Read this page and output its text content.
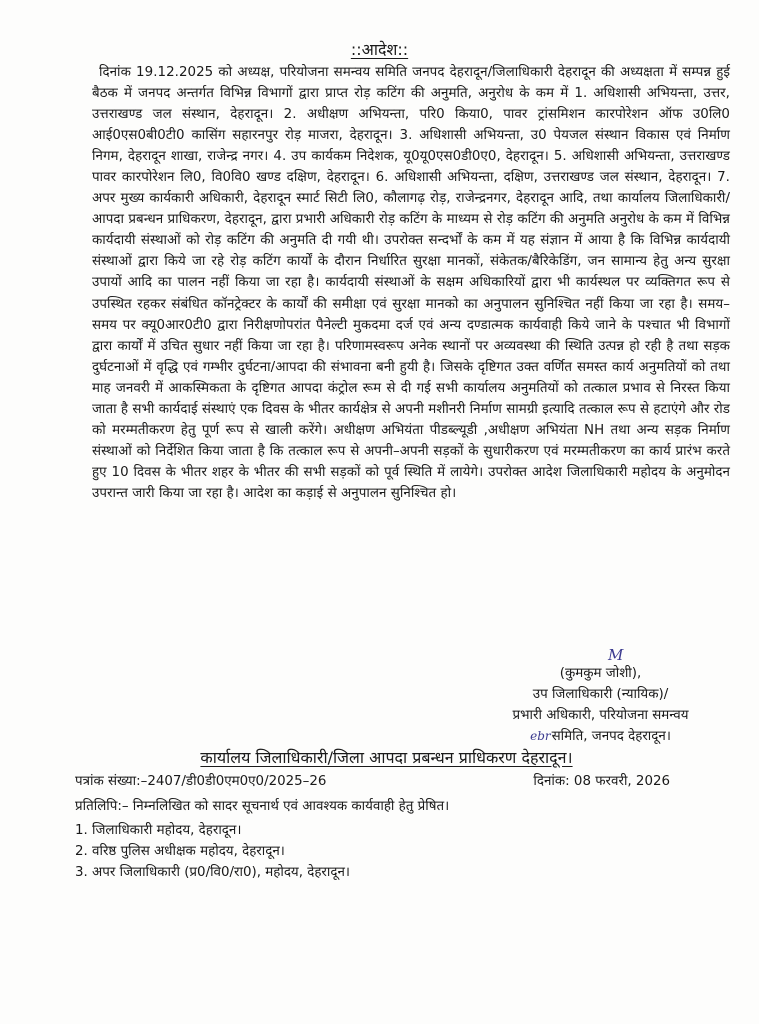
::आदेश::

दिनांक 19.12.2025 को अध्यक्ष, परियोजना समन्वय समिति जनपद देहरादून/जिलाधिकारी देहरादून की अध्यक्षता में सम्पन्न हुई बैठक में जनपद अन्तर्गत विभिन्न विभागों द्वारा प्राप्त रोड़ कटिंग की अनुमति, अनुरोध के कम में 1. अधिशासी अभियन्ता, उत्तर, उत्तराखण्ड जल संस्थान, देहरादून। 2. अधीक्षण अभियन्ता, परि0 किया0, पावर ट्रांसमिशन कारपोरेशन ऑफ उ0लि0 आई0एस0बी0टी0 कासिंग सहारनपुर रोड़ माजरा, देहरादून। 3. अधिशासी अभियन्ता, उ0 पेयजल संस्थान विकास एवं निर्माण निगम, देहरादून शाखा, राजेन्द्र नगर। 4. उप कार्यकम निदेशक, यू0यू0एस0डी0ए0, देहरादून। 5. अधिशासी अभियन्ता, उत्तराखण्ड पावर कारपोरेशन लि0, वि0वि0 खण्ड दक्षिण, देहरादून। 6. अधिशासी अभियन्ता, दक्षिण, उत्तराखण्ड जल संस्थान, देहरादून। 7. अपर मुख्य कार्यकारी अधिकारी, देहरादून स्मार्ट सिटी लि0, कौलागढ़ रोड़, राजेन्द्रनगर, देहरादून आदि, तथा कार्यालय जिलाधिकारी/आपदा प्रबन्धन प्राधिकरण, देहरादून, द्वारा प्रभारी अधिकारी रोड़ कटिंग के माध्यम से रोड़ कटिंग की अनुमति अनुरोध के कम में विभिन्न कार्यदायी संस्थाओं को रोड़ कटिंग की अनुमति दी गयी थी। उपरोक्त सन्दर्भों के कम में यह संज्ञान में आया है कि विभिन्न कार्यदायी संस्थाओं द्वारा किये जा रहे रोड़ कटिंग कार्यों के दौरान निर्धारित सुरक्षा मानकों, संकेतक/बैरिकेडिंग, जन सामान्य हेतु अन्य सुरक्षा उपायों आदि का पालन नहीं किया जा रहा है। कार्यदायी संस्थाओं के सक्षम अधिकारियों द्वारा भी कार्यस्थल पर व्यक्तिगत रूप से उपस्थित रहकर संबंधित कॉनट्रेक्टर के कार्यों की समीक्षा एवं सुरक्षा मानको का अनुपालन सुनिश्चित नहीं किया जा रहा है। समय–समय पर क्यू0आर0टी0 द्वारा निरीक्षणोपरांत पैनेल्टी मुकदमा दर्ज एवं अन्य दण्डात्मक कार्यवाही किये जाने के पश्चात भी विभागों द्वारा कार्यों में उचित सुधार नहीं किया जा रहा है। परिणामस्वरूप अनेक स्थानों पर अव्यवस्था की स्थिति उत्पन्न हो रही है तथा सड़क दुर्घटनाओं में वृद्धि एवं गम्भीर दुर्घटना/आपदा की संभावना बनी हुयी है। जिसके दृष्टिगत उक्त वर्णित समस्त कार्य अनुमतियों को तथा माह जनवरी में आकस्मिकता के दृष्टिगत आपदा कंट्रोल रूम से दी गई सभी कार्यालय अनुमतियों को तत्काल प्रभाव से निरस्त किया जाता है सभी कार्यदाई संस्थाएं एक दिवस के भीतर कार्यक्षेत्र से अपनी मशीनरी निर्माण सामग्री इत्यादि तत्काल रूप से हटाएंगे और रोड को मरम्मतीकरण हेतु पूर्ण रूप से खाली करेंगे। अधीक्षण अभियंता पीडब्ल्यूडी ,अधीक्षण अभियंता NH तथा अन्य सड़क निर्माण संस्थाओं को निर्देशित किया जाता है कि तत्काल रूप से अपनी–अपनी सड़कों के सुधारीकरण एवं मरम्मतीकरण का कार्य प्रारंभ करते हुए 10 दिवस के भीतर शहर के भीतर की सभी सड़कों को पूर्व स्थिति में लायेगे। उपरोक्त आदेश जिलाधिकारी महोदय के अनुमोदन उपरान्त जारी किया जा रहा है। आदेश का कड़ाई से अनुपालन सुनिश्चित हो।

M
(कुमकुम जोशी),
उप जिलाधिकारी (न्यायिक)/
प्रभारी अधिकारी, परियोजना समन्वय
ebrसमिति, जनपद देहरादून।
कार्यालय जिलाधिकारी/जिला आपदा प्रबन्धन प्राधिकरण देहरादून।
पत्रांक संख्या:–2407/डी0डी0एम0ए0/2025–26	दिनांक: 08 फरवरी, 2026
प्रतिलिपि:– निम्नलिखित को सादर सूचनार्थ एवं आवश्यक कार्यवाही हेतु प्रेषित।
1. जिलाधिकारी महोदय, देहरादून।
2. वरिष्ठ पुलिस अधीक्षक महोदय, देहरादून।
3. अपर जिलाधिकारी (प्र0/वि0/रा0), महोदय, देहरादून।
